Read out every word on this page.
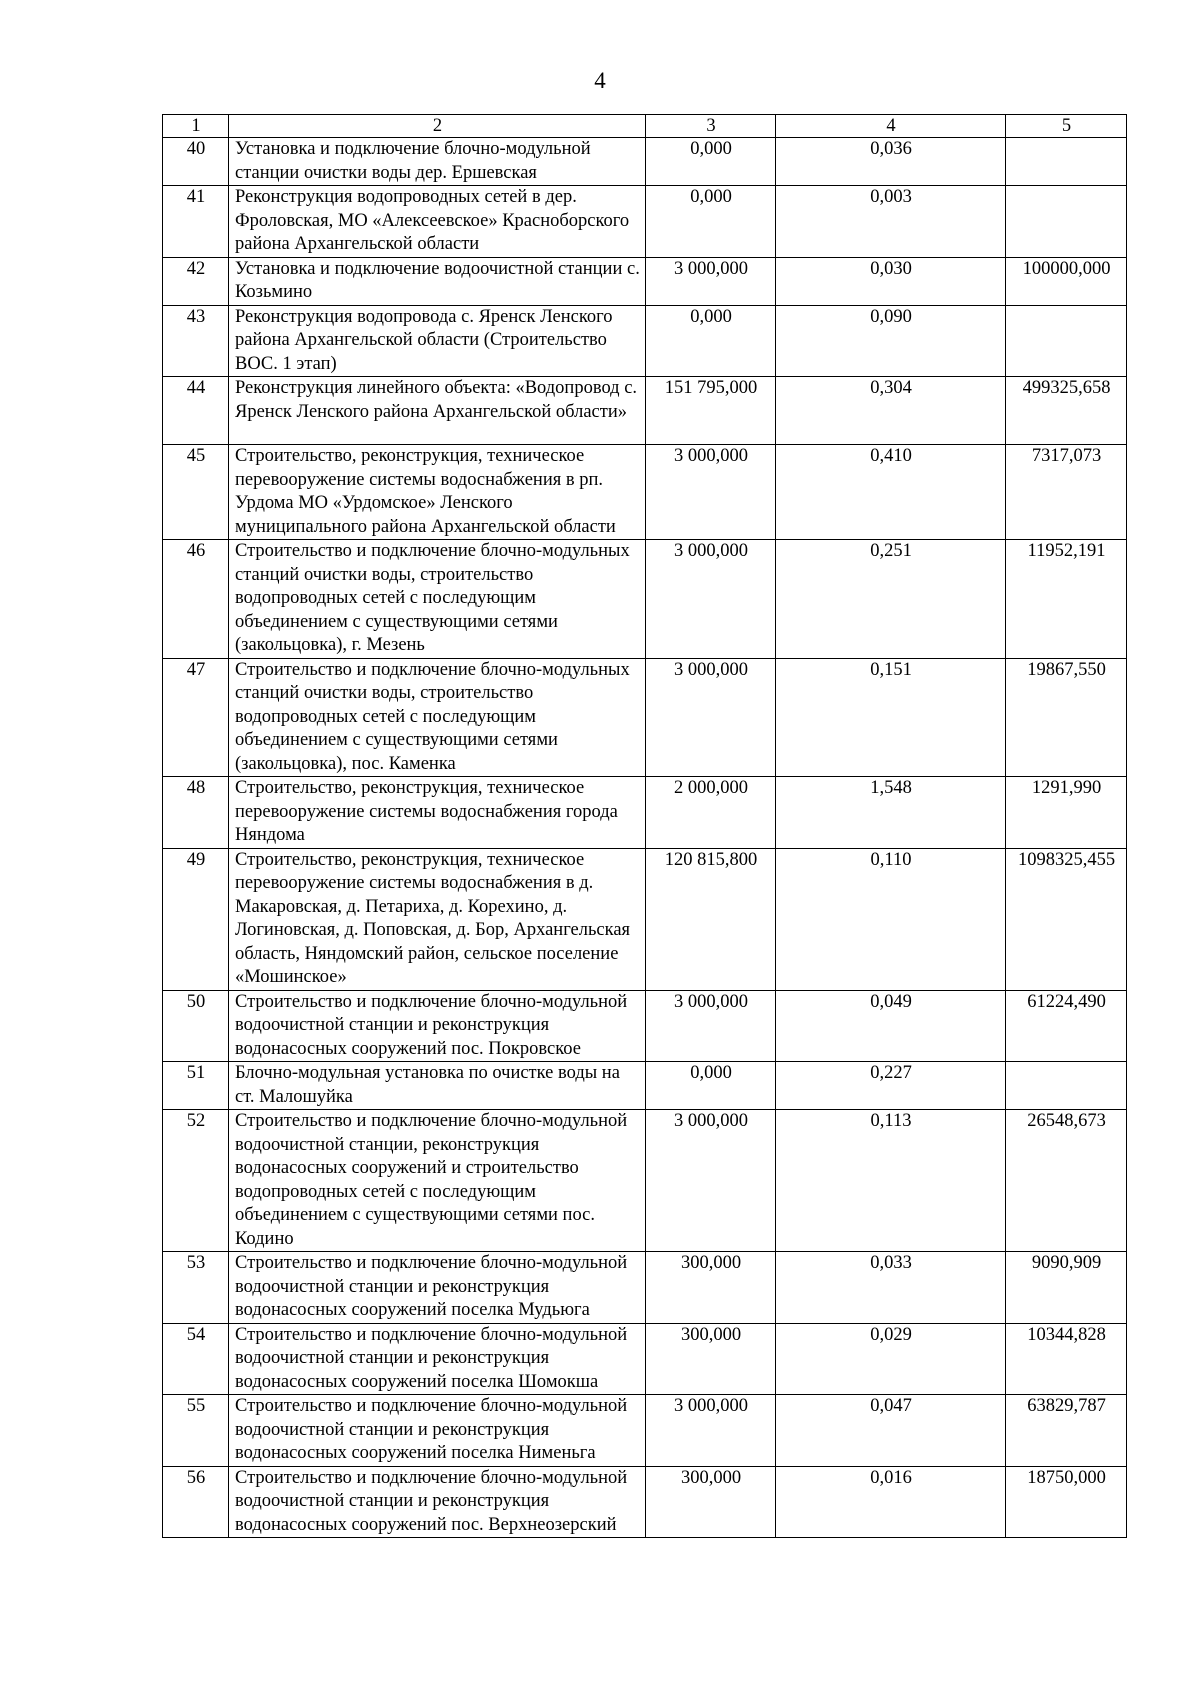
4
1	2	3	4	5
40	Установка и подключение блочно-модульной станции очистки воды дер. Ершевская	0,000	0,036	
41	Реконструкция водопроводных сетей в дер. Фроловская, МО «Алексеевское» Красноборского района Архангельской области	0,000	0,003	
42	Установка и подключение водоочистной станции с. Козьмино	3 000,000	0,030	100000,000
43	Реконструкция водопровода с. Яренск Ленского района Архангельской области (Строительство ВОС. 1 этап)	0,000	0,090	
44	Реконструкция линейного объекта: «Водопровод с. Яренск Ленского района Архангельской области»	151 795,000	0,304	499325,658
45	Строительство, реконструкция, техническое перевооружение системы водоснабжения в рп. Урдома МО «Урдомское» Ленского муниципального района Архангельской области	3 000,000	0,410	7317,073
46	Строительство и подключение блочно-модульных станций очистки воды, строительство водопроводных сетей с последующим объединением с существующими сетями (закольцовка), г. Мезень	3 000,000	0,251	11952,191
47	Строительство и подключение блочно-модульных станций очистки воды, строительство водопроводных сетей с последующим объединением с существующими сетями (закольцовка), пос. Каменка	3 000,000	0,151	19867,550
48	Строительство, реконструкция, техническое перевооружение системы водоснабжения города Няндома	2 000,000	1,548	1291,990
49	Строительство, реконструкция, техническое перевооружение системы водоснабжения в д. Макаровская, д. Петариха, д. Корехино, д. Логиновская, д. Поповская, д. Бор, Архангельская область, Няндомский район, сельское поселение «Мошинское»	120 815,800	0,110	1098325,455
50	Строительство и подключение блочно-модульной водоочистной станции и реконструкция водонасосных сооружений пос. Покровское	3 000,000	0,049	61224,490
51	Блочно-модульная установка по очистке воды на ст. Малошуйка	0,000	0,227	
52	Строительство и подключение блочно-модульной водоочистной станции, реконструкция водонасосных сооружений и строительство водопроводных сетей с последующим объединением с существующими сетями пос. Кодино	3 000,000	0,113	26548,673
53	Строительство и подключение блочно-модульной водоочистной станции и реконструкция водонасосных сооружений поселка Мудьюга	300,000	0,033	9090,909
54	Строительство и подключение блочно-модульной водоочистной станции и реконструкция водонасосных сооружений поселка Шомокша	300,000	0,029	10344,828
55	Строительство и подключение блочно-модульной водоочистной станции и реконструкция водонасосных сооружений поселка Нименьга	3 000,000	0,047	63829,787
56	Строительство и подключение блочно-модульной водоочистной станции и реконструкция водонасосных сооружений пос. Верхнеозерский	300,000	0,016	18750,000
